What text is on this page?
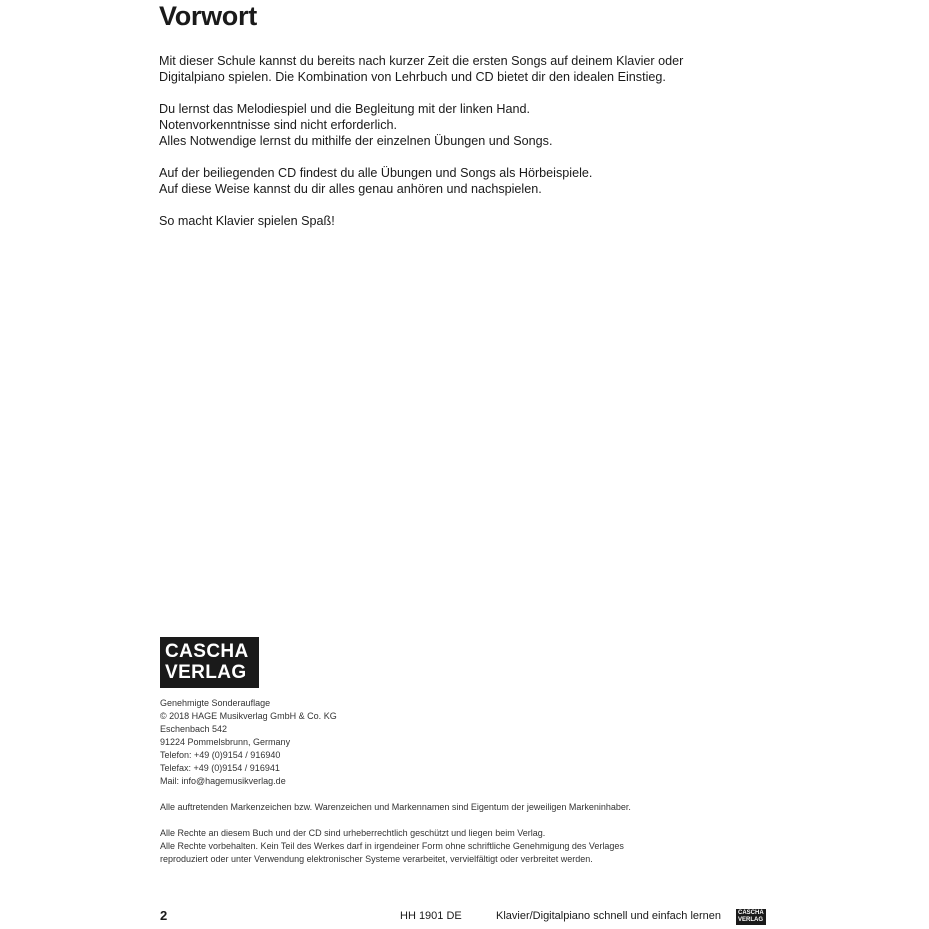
Vorwort

Mit dieser Schule kannst du bereits nach kurzer Zeit die ersten Songs auf deinem Klavier oder
Digitalpiano spielen. Die Kombination von Lehrbuch und CD bietet dir den idealen Einstieg.

Du lernst das Melodiespiel und die Begleitung mit der linken Hand.
Notenvorkenntnisse sind nicht erforderlich.
Alles Notwendige lernst du mithilfe der einzelnen Übungen und Songs.

Auf der beiliegenden CD findest du alle Übungen und Songs als Hörbeispiele.
Auf diese Weise kannst du dir alles genau anhören und nachspielen.

So macht Klavier spielen Spaß!

CASCHA
VERLAG

Genehmigte Sonderauflage
© 2018 HAGE Musikverlag GmbH & Co. KG
Eschenbach 542
91224 Pommelsbrunn, Germany
Telefon: +49 (0)9154 / 916940
Telefax: +49 (0)9154 / 916941
Mail: info@hagemusikverlag.de

Alle auftretenden Markenzeichen bzw. Warenzeichen und Markennamen sind Eigentum der jeweiligen Markeninhaber.

Alle Rechte an diesem Buch und der CD sind urheberrechtlich geschützt und liegen beim Verlag.
Alle Rechte vorbehalten. Kein Teil des Werkes darf in irgendeiner Form ohne schriftliche Genehmigung des Verlages
reproduziert oder unter Verwendung elektronischer Systeme verarbeitet, vervielfältigt oder verbreitet werden.

2	HH 1901 DE	Klavier/Digitalpiano schnell und einfach lernen	CASCHA
VERLAG
